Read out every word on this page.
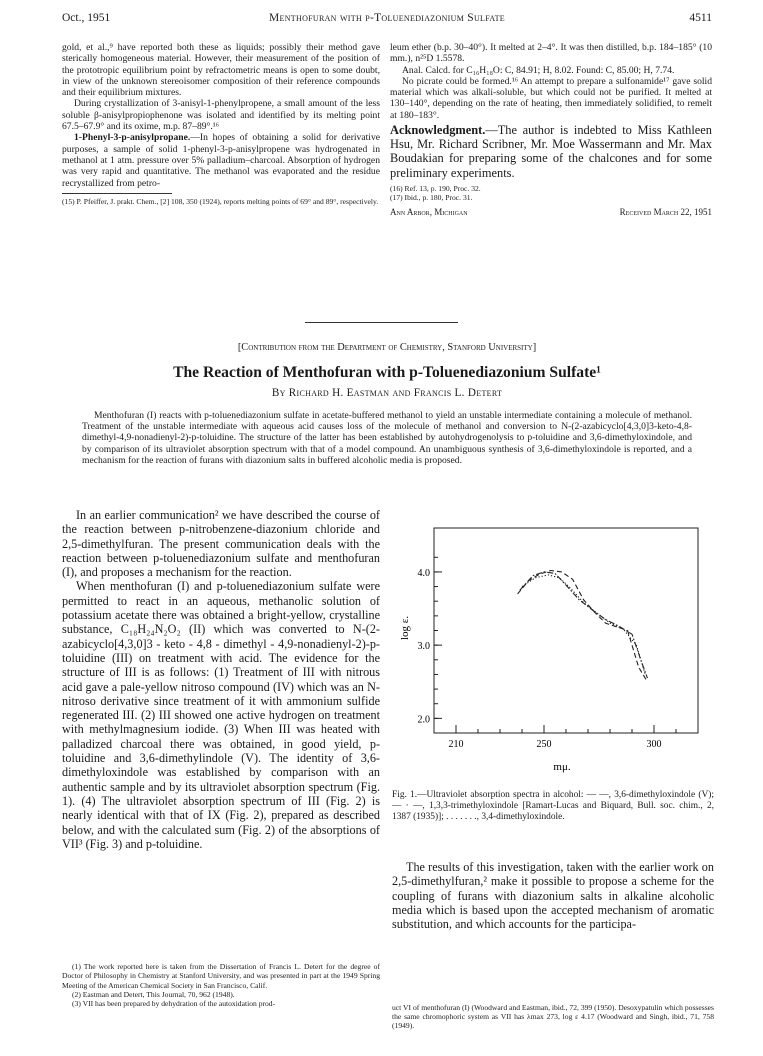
Oct., 1951	Menthofuran with p-Toluenediazonium Sulfate	4511

gold, et al.,⁹ have reported both these as liquids; possibly their method gave sterically homogeneous material. However, their measurement of the position of the prototropic equilibrium point by refractometric means is open to some doubt, in view of the unknown stereoisomer composition of their reference compounds and their equilibrium mixtures.

During crystallization of 3-anisyl-1-phenylpropene, a small amount of the less soluble β-anisylpropiophenone was isolated and identified by its melting point 67.5–67.9° and its oxime, m.p. 87–89°.¹⁶

1-Phenyl-3-p-anisylpropane.—In hopes of obtaining a solid for derivative purposes, a sample of solid 1-phenyl-3-p-anisylpropene was hydrogenated in methanol at 1 atm. pressure over 5% palladium–charcoal. Absorption of hydrogen was very rapid and quantitative. The methanol was evaporated and the residue recrystallized from petro-

(15) P. Pfeiffer, J. prakt. Chem., [2] 108, 350 (1924), reports melting points of 69° and 89°, respectively.

leum ether (b.p. 30–40°). It melted at 2–4°. It was then distilled, b.p. 184–185° (10 mm.), n²⁵D 1.5578.

Anal. Calcd. for C₁₆H₁₈O: C, 84.91; H, 8.02. Found: C, 85.00; H, 7.74.

No picrate could be formed.¹⁶ An attempt to prepare a sulfonamide¹⁷ gave solid material which was alkali-soluble, but which could not be purified. It melted at 130–140°, depending on the rate of heating, then immediately solidified, to remelt at 180–183°.

Acknowledgment.—The author is indebted to Miss Kathleen Hsu, Mr. Richard Scribner, Mr. Moe Wassermann and Mr. Max Boudakian for preparing some of the chalcones and for some preliminary experiments.

(16) Ref. 13, p. 190, Proc. 32.

(17) Ibid., p. 180, Proc. 31.

Ann Arbor, Michigan	Received March 22, 1951
[Contribution from the Department of Chemistry, Stanford University]
The Reaction of Menthofuran with p-Toluenediazonium Sulfate¹
By Richard H. Eastman and Francis L. Detert
Menthofuran (I) reacts with p-toluenediazonium sulfate in acetate-buffered methanol to yield an unstable intermediate containing a molecule of methanol. Treatment of the unstable intermediate with aqueous acid causes loss of the molecule of methanol and conversion to N-(2-azabicyclo[4,3,0]3-keto-4,8-dimethyl-4,9-nonadienyl-2)-p-toluidine. The structure of the latter has been established by autohydrogenolysis to p-toluidine and 3,6-dimethyloxindole, and by comparison of its ultraviolet absorption spectrum with that of a model compound. An unambiguous synthesis of 3,6-dimethyloxindole is reported, and a mechanism for the reaction of furans with diazonium salts in buffered alcoholic media is proposed.

In an earlier communication² we have described the course of the reaction between p-nitrobenzene-diazonium chloride and 2,5-dimethylfuran. The present communication deals with the reaction between p-toluenediazonium sulfate and menthofuran (I), and proposes a mechanism for the reaction.

When menthofuran (I) and p-toluenediazonium sulfate were permitted to react in an aqueous, methanolic solution of potassium acetate there was obtained a bright-yellow, crystalline substance, C₁₈H₂₄N₂O₂ (II) which was converted to N-(2-azabicyclo[4,3,0]3 - keto - 4,8 - dimethyl - 4,9-nonadienyl-2)-p-toluidine (III) on treatment with acid. The evidence for the structure of III is as follows: (1) Treatment of III with nitrous acid gave a pale-yellow nitroso compound (IV) which was an N-nitroso derivative since treatment of it with ammonium sulfide regenerated III. (2) III showed one active hydrogen on treatment with methylmagnesium iodide. (3) When III was heated with palladized charcoal there was obtained, in good yield, p-toluidine and 3,6-dimethylindole (V). The identity of 3,6-dimethyloxindole was established by comparison with an authentic sample and by its ultraviolet absorption spectrum (Fig. 1). (4) The ultraviolet absorption spectrum of III (Fig. 2) is nearly identical with that of IX (Fig. 2), prepared as described below, and with the calculated sum (Fig. 2) of the absorptions of VII³ (Fig. 3) and p-toluidine.

(1) The work reported here is taken from the Dissertation of Francis L. Detert for the degree of Doctor of Philosophy in Chemistry at Stanford University, and was presented in part at the 1949 Spring Meeting of the American Chemical Society in San Francisco, Calif.

(2) Eastman and Detert, This Journal, 70, 962 (1948).

(3) VII has been prepared by dehydration of the autoxidation prod-

2.0
3.0
4.0
210	250	300
log ε.
mμ.
Fig. 1.—Ultraviolet absorption spectra in alcohol: — —, 3,6-dimethyloxindole (V); — · —, 1,3,3-trimethyloxindole [Ramart-Lucas and Biquard, Bull. soc. chim., 2, 1387 (1935)]; . . . . . . ., 3,4-dimethyloxindole.

The results of this investigation, taken with the earlier work on 2,5-dimethylfuran,² make it possible to propose a scheme for the coupling of furans with diazonium salts in alkaline alcoholic media which is based upon the accepted mechanism of aromatic substitution, and which accounts for the participa-

uct VI of menthofuran (I) (Woodward and Eastman, ibid., 72, 399 (1950). Desoxypatulin which possesses the same chromophoric system as VII has λmax 273, log ε 4.17 (Woodward and Singh, ibid., 71, 758 (1949).
